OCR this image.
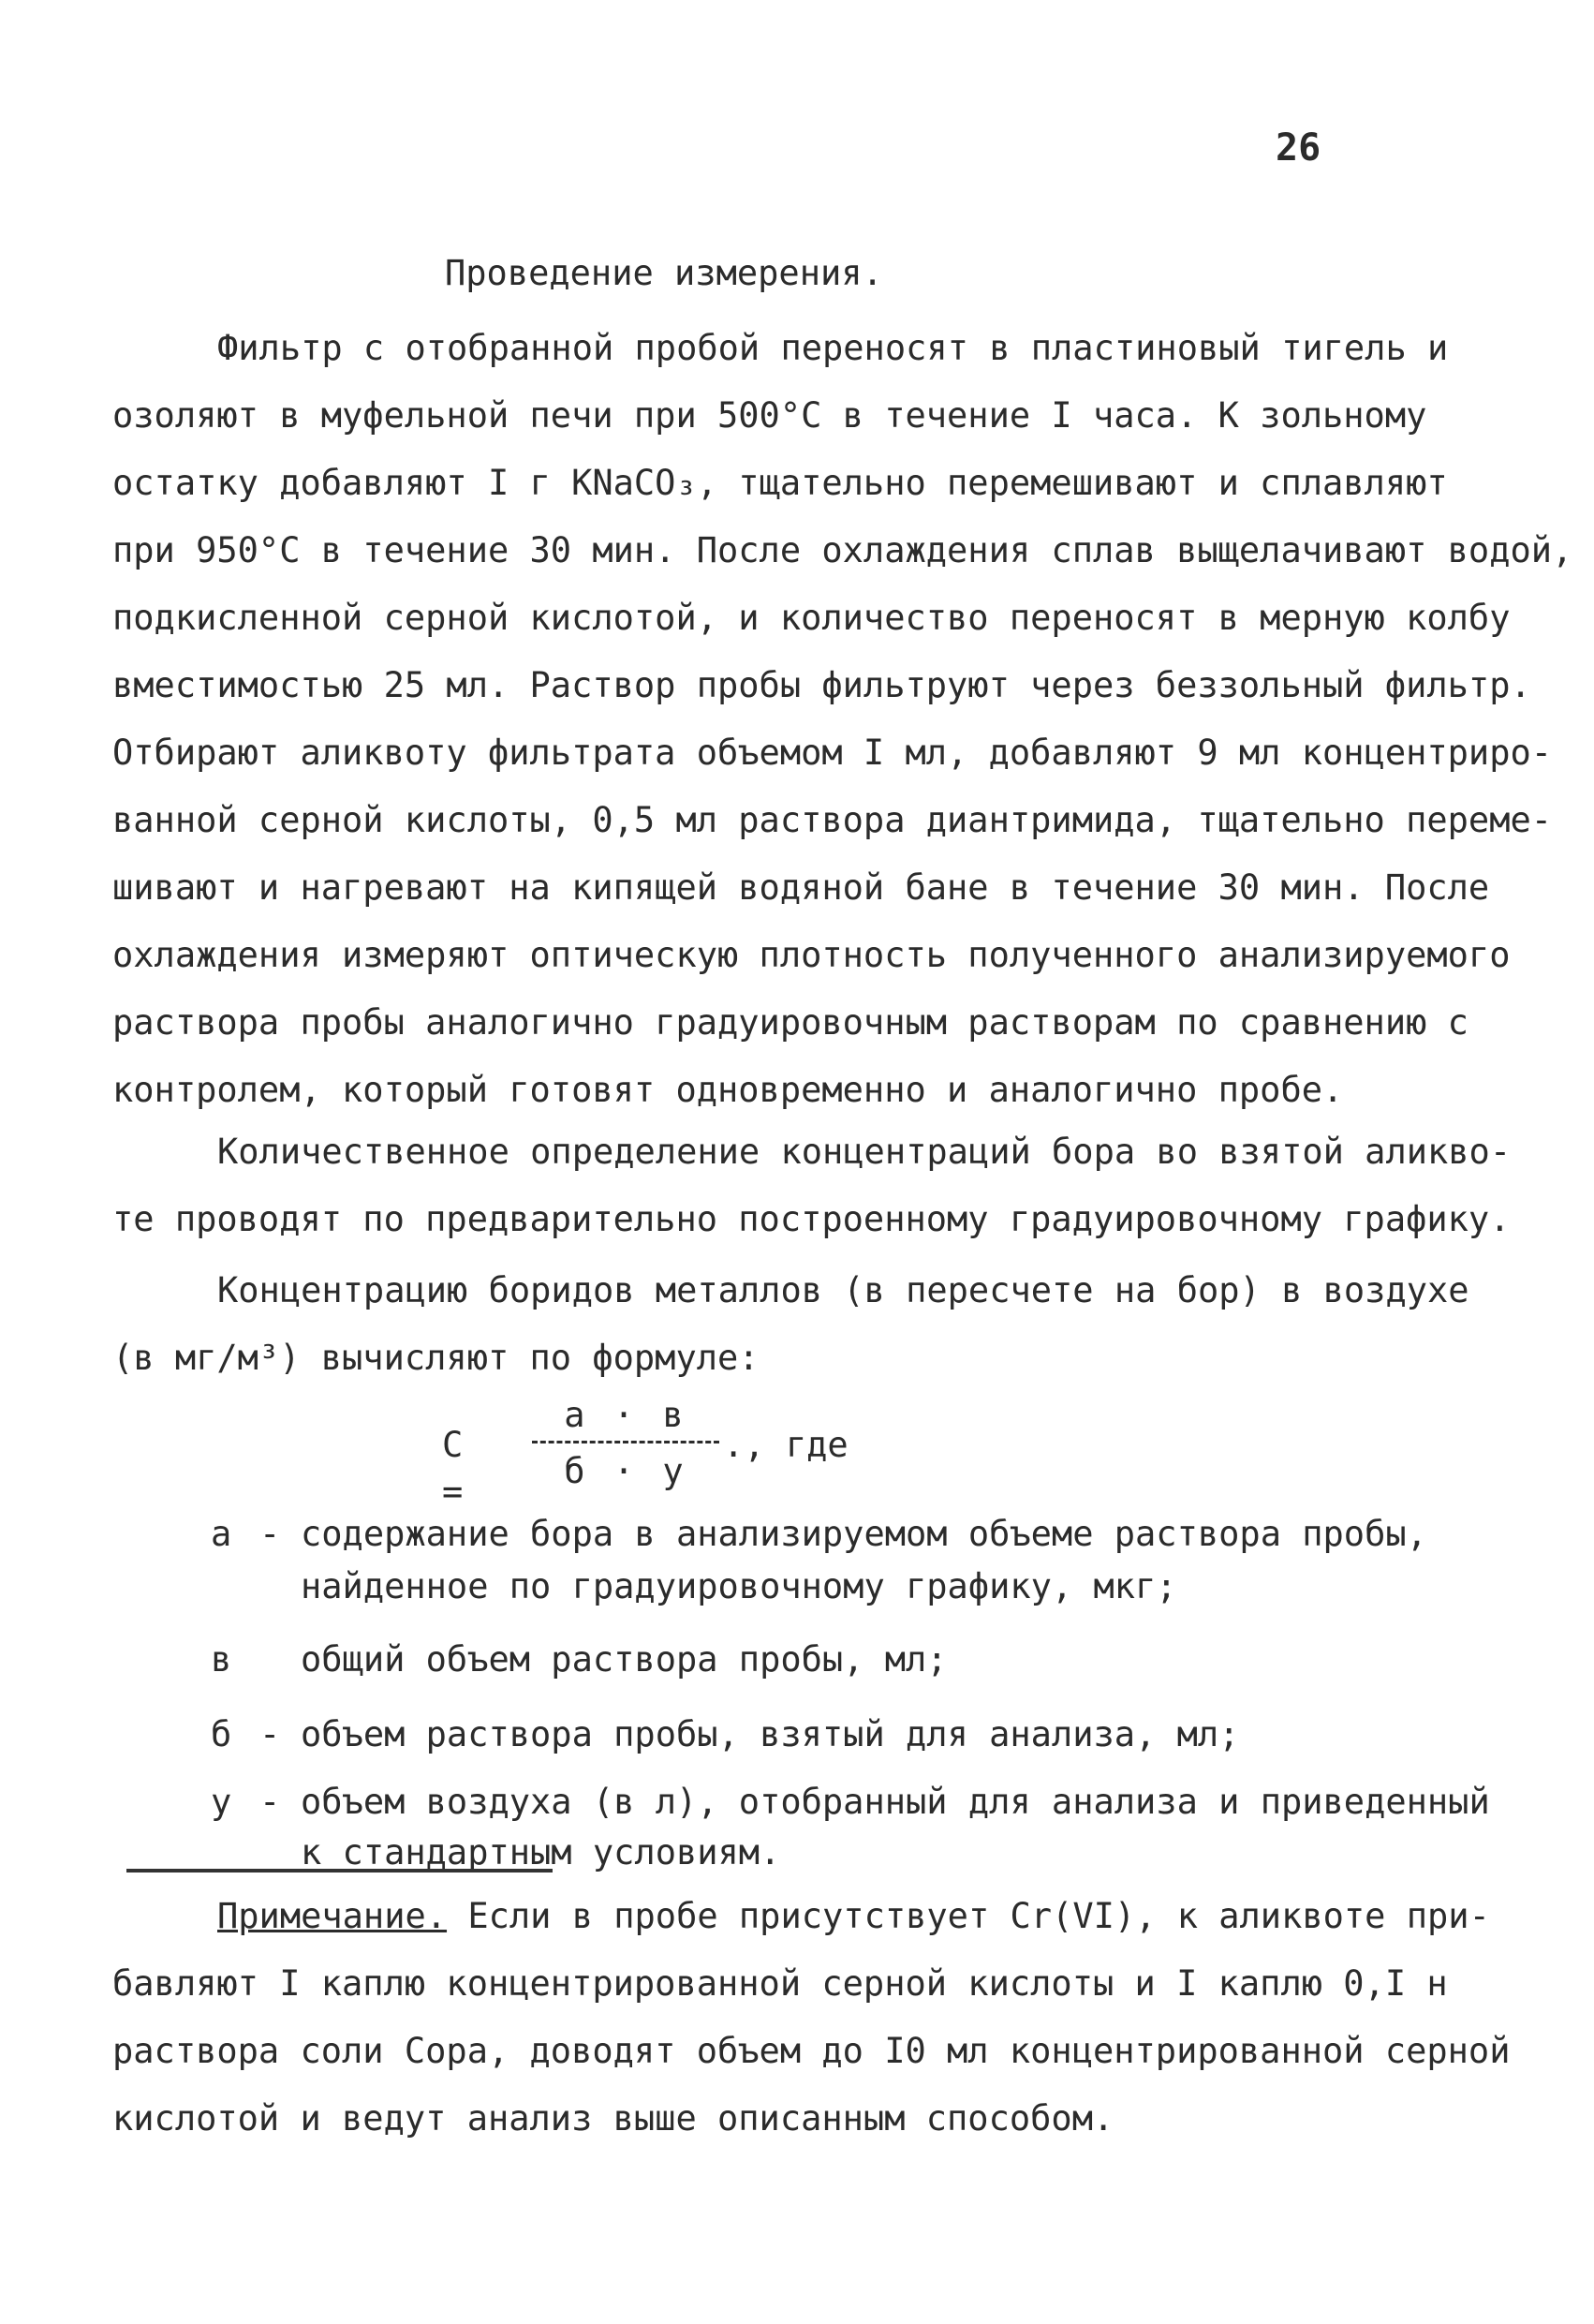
26
Проведение измерения.
Фильтр с отобранной пробой переносят в пластиновый тигель и
озоляют в муфельной печи при 500°С в течение I часа. К зольному
остатку добавляют I г KNaCO₃, тщательно перемешивают и сплавляют
при 950°С в течение 30 мин. После охлаждения сплав выщелачивают водой,
подкисленной серной кислотой, и количество переносят в мерную колбу
вместимостью 25 мл. Раствор пробы фильтруют через беззольный фильтр.
Отбирают аликвоту фильтрата объемом I мл, добавляют 9 мл концентриро-
ванной серной кислоты, 0,5 мл раствора диантримида, тщательно переме-
шивают и нагревают на кипящей водяной бане в течение 30 мин. После
охлаждения измеряют оптическую плотность полученного анализируемого
раствора пробы аналогично градуировочным растворам по сравнению с
контролем, который готовят одновременно и аналогично пробе.
Количественное определение концентраций бора во взятой аликво-
те проводят по предварительно построенному градуировочному графику.
Концентрацию боридов металлов (в пересчете на бор) в воздухе
(в мг/м³) вычисляют по формуле:
С =
а · в
б · у
., где
а - содержание бора в анализируемом объеме раствора пробы,
найденное по градуировочному графику, мкг;
в	общий объем раствора пробы, мл;
б - объем раствора пробы, взятый для анализа, мл;
у - объем воздуха (в л), отобранный для анализа и приведенный
к стандартным условиям.
Примечание. Если в пробе присутствует Cr(VI), к аликвоте при-
бавляют I каплю концентрированной серной кислоты и I каплю 0,I н
раствора соли Сора, доводят объем до I0 мл концентрированной серной
кислотой и ведут анализ выше описанным способом.
